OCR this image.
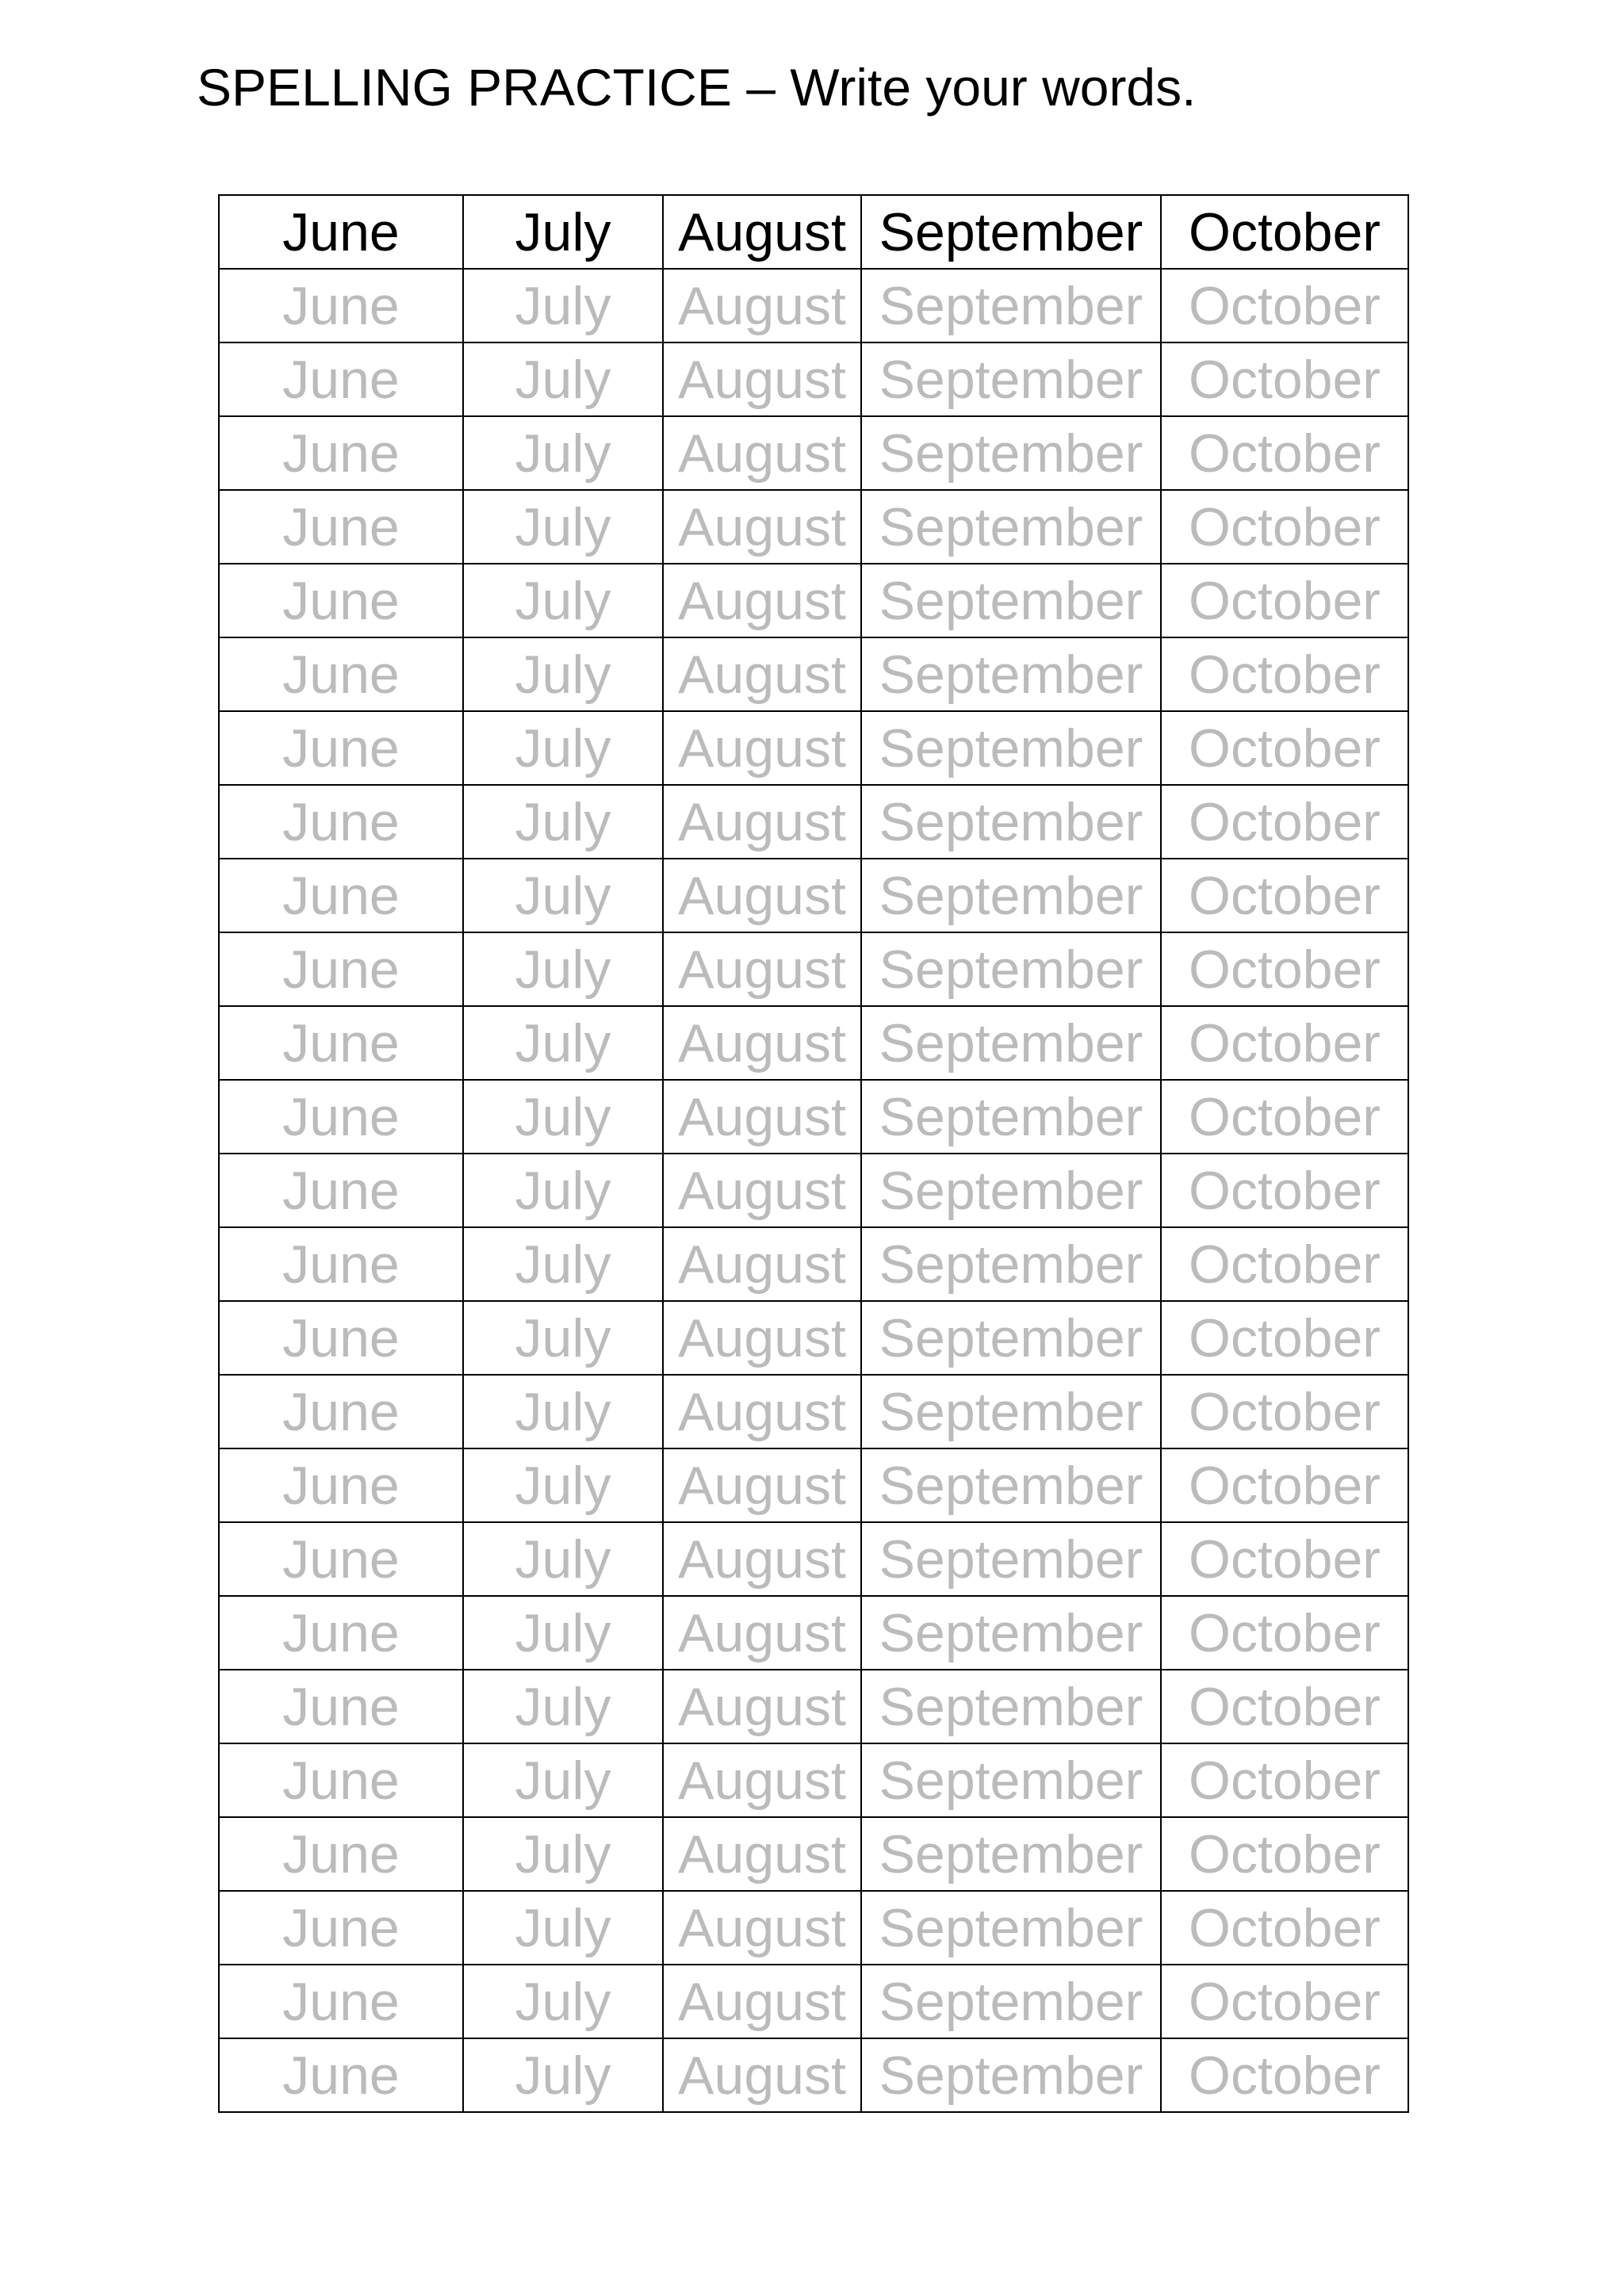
SPELLING PRACTICE – Write your words.
June	July	August	September	October
June	July	August	September	October
June	July	August	September	October
June	July	August	September	October
June	July	August	September	October
June	July	August	September	October
June	July	August	September	October
June	July	August	September	October
June	July	August	September	October
June	July	August	September	October
June	July	August	September	October
June	July	August	September	October
June	July	August	September	October
June	July	August	September	October
June	July	August	September	October
June	July	August	September	October
June	July	August	September	October
June	July	August	September	October
June	July	August	September	October
June	July	August	September	October
June	July	August	September	October
June	July	August	September	October
June	July	August	September	October
June	July	August	September	October
June	July	August	September	October
June	July	August	September	October
